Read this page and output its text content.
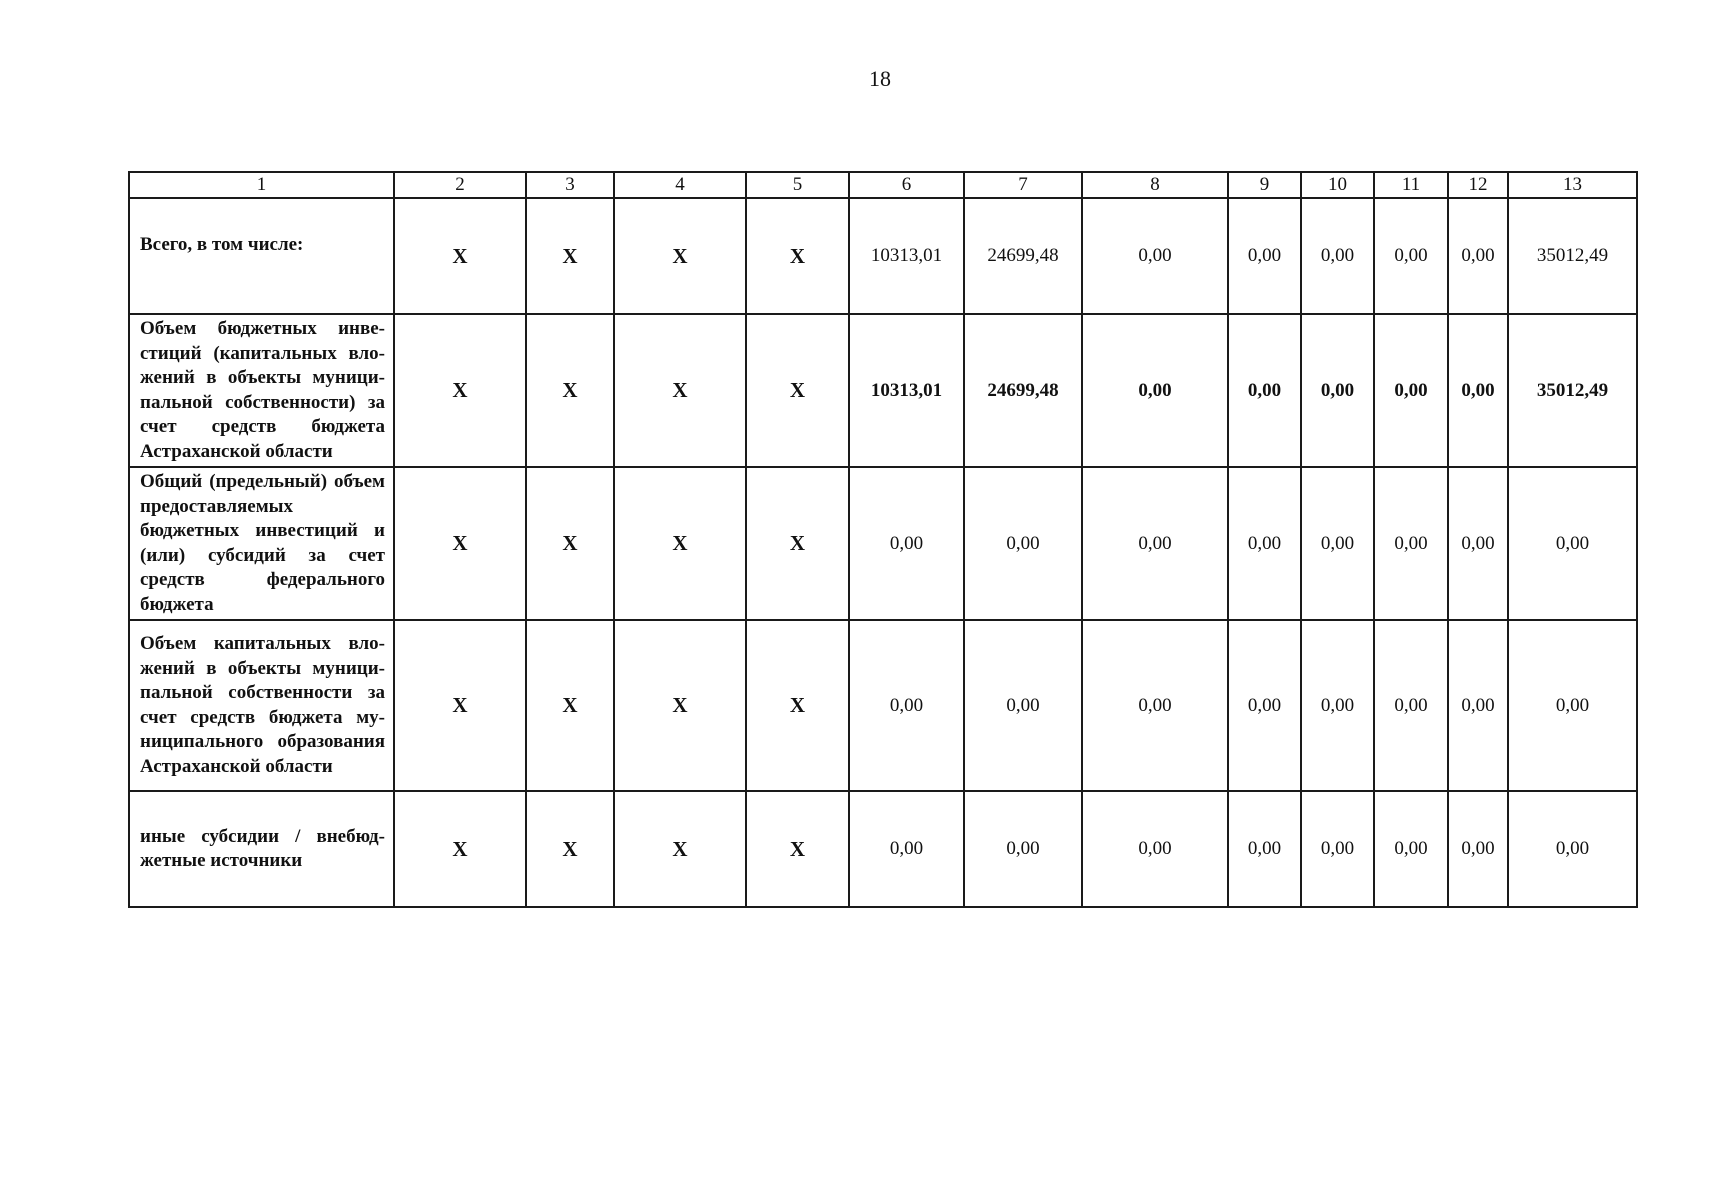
18
1	2	3	4	5	6	7	8	9	10	11	12	13
Всего, в том числе:	X	X	X	X	10313,01	24699,48	0,00	0,00	0,00	0,00	0,00	35012,49
Объем бюджетных инвестиций (капитальных вложений в объекты муниципальной собственности) за счет средств бюджета Астраханской области	X	X	X	X	10313,01	24699,48	0,00	0,00	0,00	0,00	0,00	35012,49
Общий (предельный) объем предоставляемых бюджетных инвестиций и (или) субсидий за счет средств федерального бюджета	X	X	X	X	0,00	0,00	0,00	0,00	0,00	0,00	0,00	0,00
Объем капитальных вложений в объекты муниципальной собственности за счет средств бюджета муниципального образования Астраханской области	X	X	X	X	0,00	0,00	0,00	0,00	0,00	0,00	0,00	0,00
иные субсидии / внебюджетные источники	X	X	X	X	0,00	0,00	0,00	0,00	0,00	0,00	0,00	0,00
